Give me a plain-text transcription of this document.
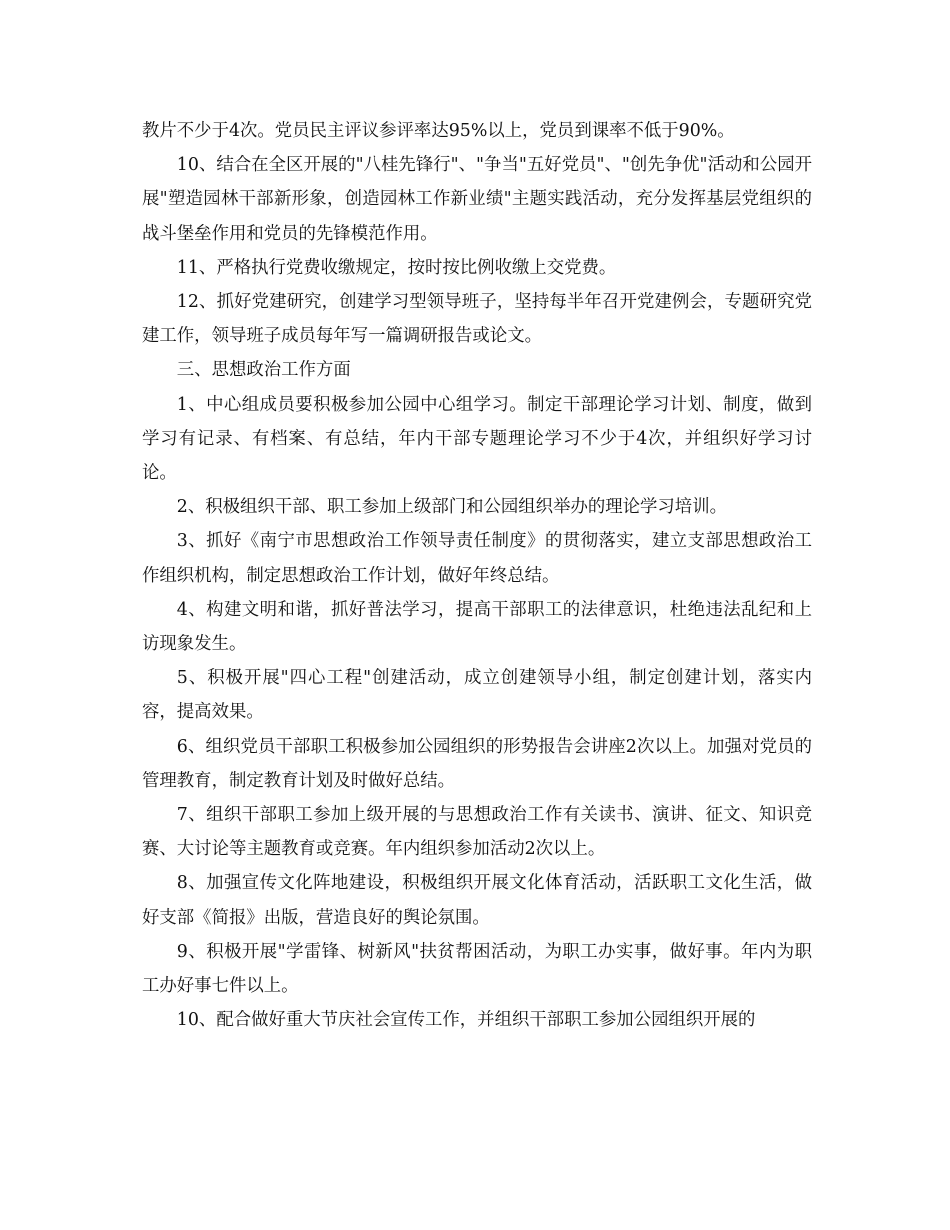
教片不少于4次。党员民主评议参评率达95%以上，党员到课率不低于90%。

10、结合在全区开展的"八桂先锋行"、"争当"五好党员"、"创先争优"活动和公园开展"塑造园林干部新形象，创造园林工作新业绩"主题实践活动，充分发挥基层党组织的战斗堡垒作用和党员的先锋模范作用。

11、严格执行党费收缴规定，按时按比例收缴上交党费。

12、抓好党建研究，创建学习型领导班子，坚持每半年召开党建例会，专题研究党建工作，领导班子成员每年写一篇调研报告或论文。

三、思想政治工作方面

1、中心组成员要积极参加公园中心组学习。制定干部理论学习计划、制度，做到学习有记录、有档案、有总结，年内干部专题理论学习不少于4次，并组织好学习讨论。

2、积极组织干部、职工参加上级部门和公园组织举办的理论学习培训。

3、抓好《南宁市思想政治工作领导责任制度》的贯彻落实，建立支部思想政治工作组织机构，制定思想政治工作计划，做好年终总结。

4、构建文明和谐，抓好普法学习，提高干部职工的法律意识，杜绝违法乱纪和上访现象发生。

5、积极开展"四心工程"创建活动，成立创建领导小组，制定创建计划，落实内容，提高效果。

6、组织党员干部职工积极参加公园组织的形势报告会讲座2次以上。加强对党员的管理教育，制定教育计划及时做好总结。

7、组织干部职工参加上级开展的与思想政治工作有关读书、演讲、征文、知识竞赛、大讨论等主题教育或竞赛。年内组织参加活动2次以上。

8、加强宣传文化阵地建设，积极组织开展文化体育活动，活跃职工文化生活，做好支部《简报》出版，营造良好的舆论氛围。

9、积极开展"学雷锋、树新风"扶贫帮困活动，为职工办实事，做好事。年内为职工办好事七件以上。

10、配合做好重大节庆社会宣传工作，并组织干部职工参加公园组织开展的
